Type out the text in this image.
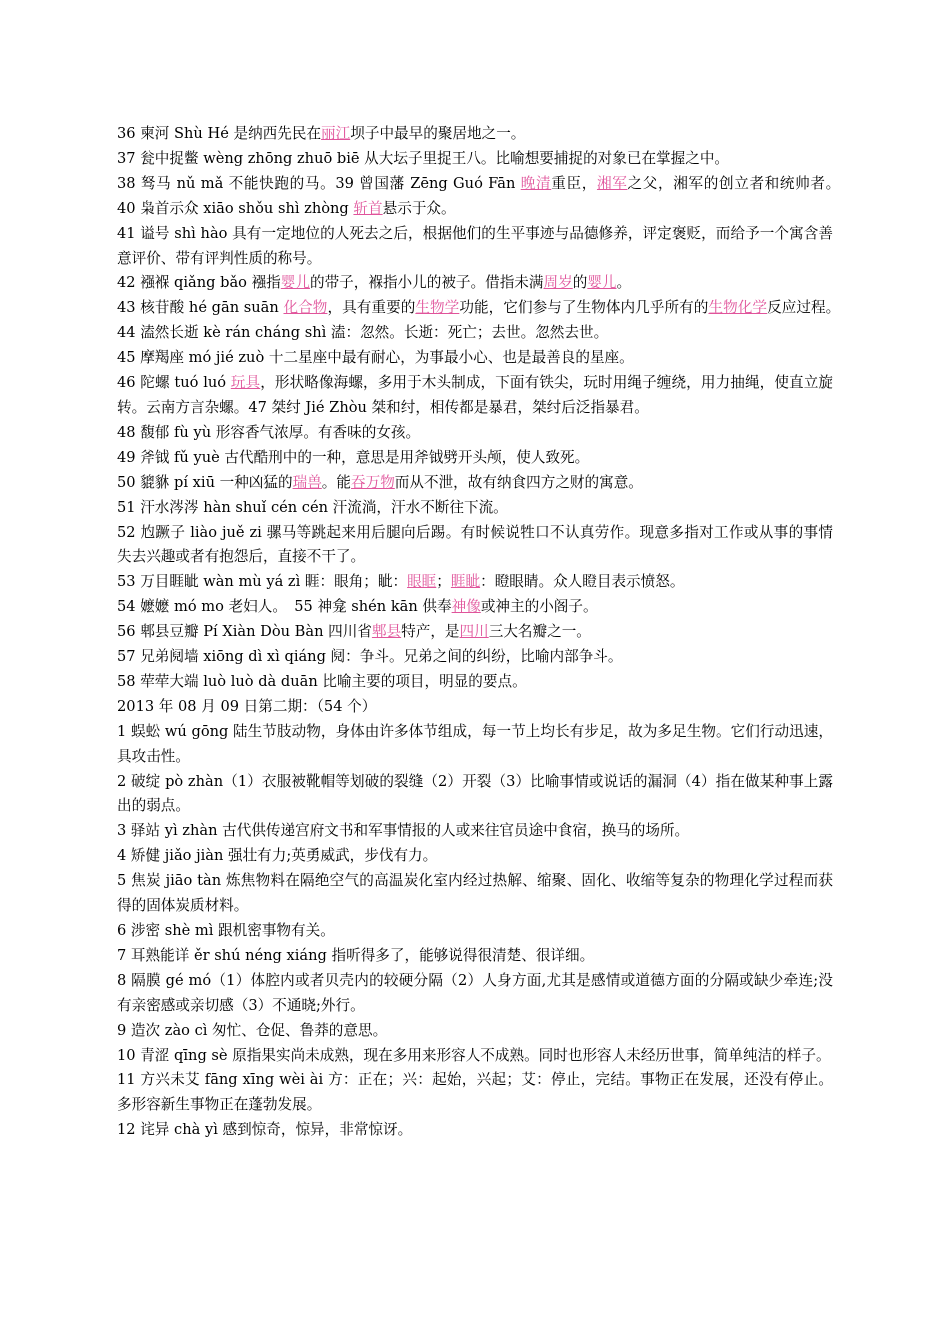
36 柬河 Shù Hé 是纳西先民在丽江坝子中最早的聚居地之一。

37 瓮中捉鳖 wèng zhōng zhuō biē 从大坛子里捉王八。比喻想要捕捉的对象已在掌握之中。

38 驽马 nǔ mǎ 不能快跑的马。39 曾国藩 Zēng Guó Fān 晚清重臣，湘军之父，湘军的创立者和统帅者。　40 枭首示众 xiāo shǒu shì zhòng 斩首悬示于众。

41 谥号 shì hào 具有一定地位的人死去之后，根据他们的生平事迹与品德修养，评定褒贬，而给予一个寓含善意评价、带有评判性质的称号。

42 襁褓 qiǎng bǎo 襁指婴儿的带子，褓指小儿的被子。借指未满周岁的婴儿。

43 核苷酸 hé gān suān 化合物，具有重要的生物学功能，它们参与了生物体内几乎所有的生物化学反应过程。　44 溘然长逝 kè rán cháng shì 溘：忽然。长逝：死亡；去世。忽然去世。

45 摩羯座 mó jié zuò 十二星座中最有耐心，为事最小心、也是最善良的星座。

46 陀螺 tuó luó 玩具，形状略像海螺，多用于木头制成，下面有铁尖，玩时用绳子缠绕，用力抽绳，使直立旋转。云南方言杂螺。47 桀纣 Jié Zhòu 桀和纣，相传都是暴君，桀纣后泛指暴君。

48 馥郁 fù yù 形容香气浓厚。有香味的女孩。

49 斧钺 fǔ yuè 古代酷刑中的一种，意思是用斧钺劈开头颅，使人致死。

50 貔貅 pí xiū 一种凶猛的瑞兽。能吞万物而从不泄，故有纳食四方之财的寓意。

51 汗水涔涔 hàn shuǐ cén cén 汗流淌，汗水不断往下流。

52 尥蹶子 liào juě zi 骡马等跳起来用后腿向后踢。有时候说牲口不认真劳作。现意多指对工作或从事的事情失去兴趣或者有抱怨后，直接不干了。

53 万目睚眦 wàn mù yá zì 睚：眼角；眦：眼眶；睚眦：瞪眼睛。众人瞪目表示愤怒。

54 嬷嬷 mó mo 老妇人。　55 神龛 shén kān 供奉神像或神主的小阁子。

56 郫县豆瓣 Pí Xiàn Dòu Bàn 四川省郫县特产，是四川三大名瓣之一。

57 兄弟阋墙 xiōng dì xì qiáng 阋：争斗。兄弟之间的纠纷，比喻内部争斗。

58 荦荦大端 luò luò dà duān 比喻主要的项目，明显的要点。

2013 年 08 月 09 日第二期：（54 个）

1 蜈蚣 wú gōng 陆生节肢动物，身体由许多体节组成，每一节上均长有步足，故为多足生物。它们行动迅速，具攻击性。

2 破绽 pò zhàn（1）衣服被靴帽等划破的裂缝（2）开裂（3）比喻事情或说话的漏洞（4）指在做某种事上露出的弱点。

3 驿站 yì zhàn 古代供传递宫府文书和军事情报的人或来往官员途中食宿，换马的场所。

4 矫健 jiǎo jiàn 强壮有力;英勇威武，步伐有力。

5 焦炭 jiāo tàn 炼焦物料在隔绝空气的高温炭化室内经过热解、缩聚、固化、收缩等复杂的物理化学过程而获得的固体炭质材料。

6 涉密 shè mì 跟机密事物有关。

7 耳熟能详 ěr shú néng xiáng 指听得多了，能够说得很清楚、很详细。

8 隔膜 gé mó（1）体腔内或者贝壳内的较硬分隔（2）人身方面,尤其是感情或道德方面的分隔或缺少牵连;没有亲密感或亲切感（3）不通晓;外行。

9 造次 zào cì 匆忙、仓促、鲁莽的意思。

10 青涩 qīng sè 原指果实尚未成熟，现在多用来形容人不成熟。同时也形容人未经历世事，简单纯洁的样子。

11 方兴未艾 fāng xīng wèi ài 方：正在；兴：起始，兴起；艾：停止，完结。事物正在发展，还没有停止。多形容新生事物正在蓬勃发展。

12 诧异 chà yì 感到惊奇，惊异，非常惊讶。
